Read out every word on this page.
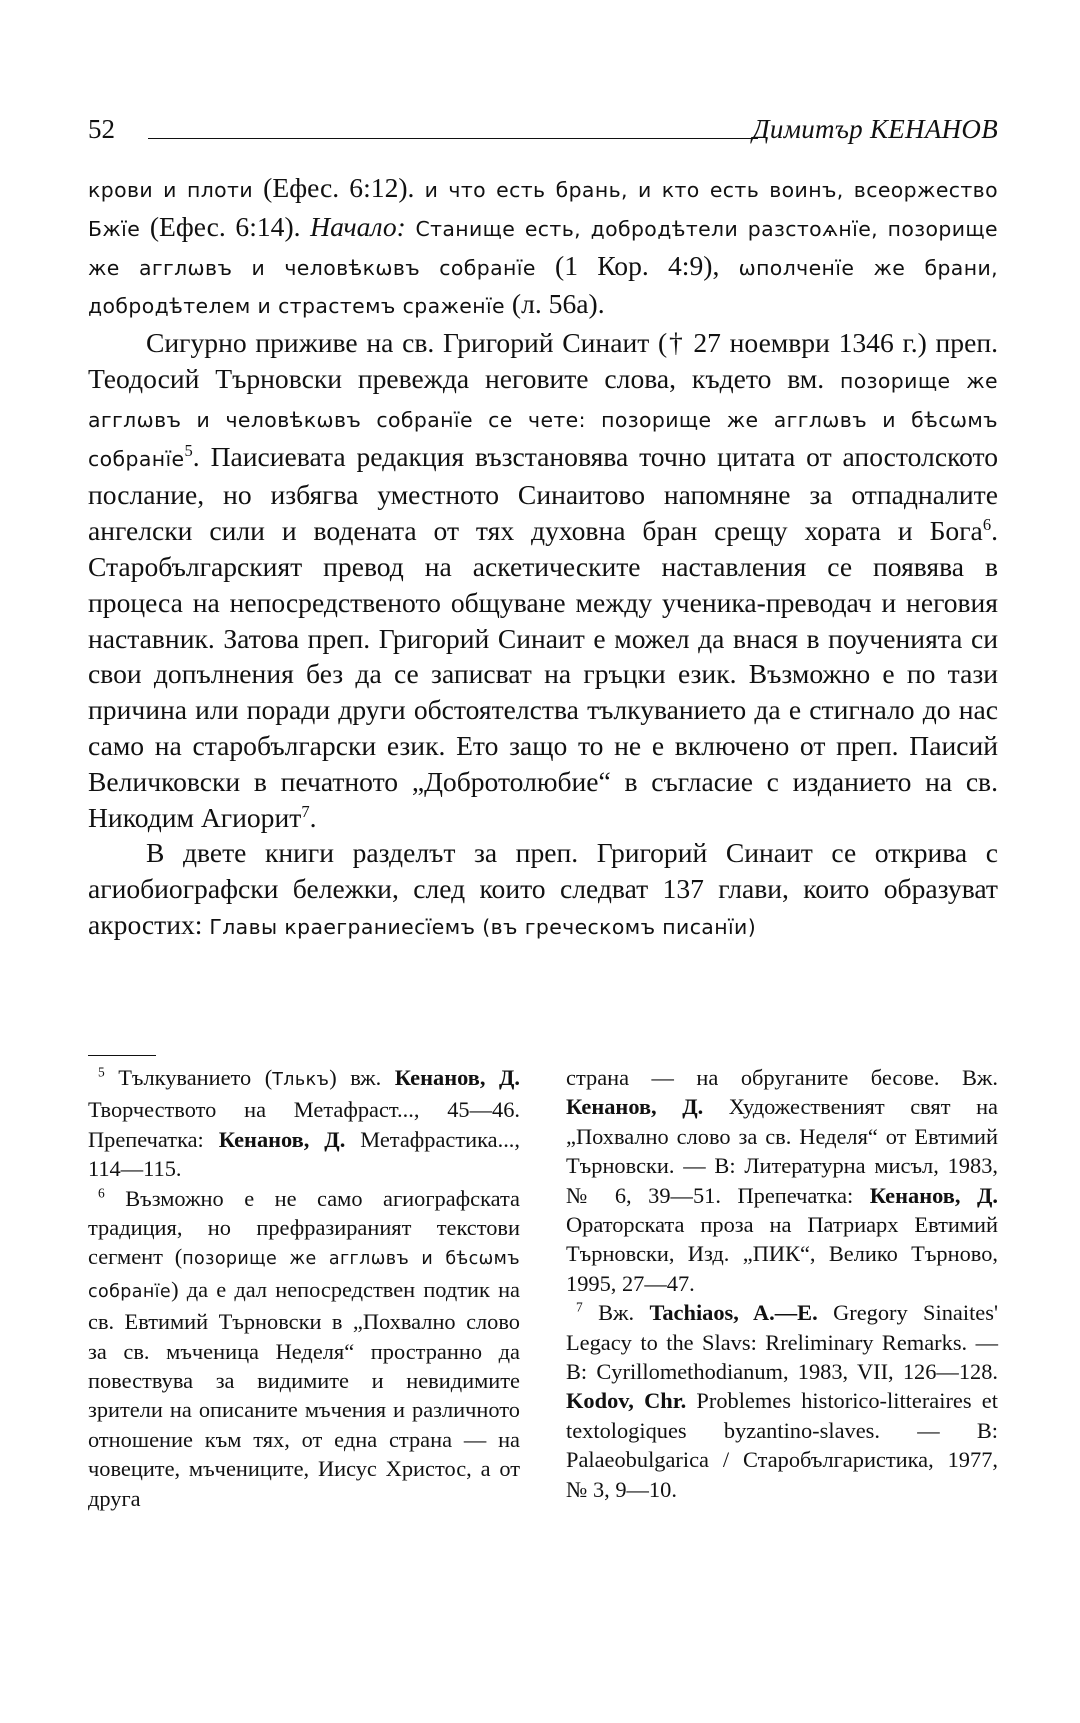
52	Димитър КЕНАНОВ

крови и плоти (Ефес. 6:12). и что есть брань, и кто есть воинъ, всеоржество Бжїе (Ефес. 6:14). Начало: Станище есть, добродѣтели разстоѧнїе, позорище же агглѡвъ и человѣкѡвъ собранїе (1 Кор. 4:9), ѡполченїе же брани, добродѣтелем и страстемъ сраженїе (л. 56а).

Сигурно приживе на св. Григорий Синаит († 27 ноември 1346 г.) преп. Теодосий Търновски превежда неговите слова, където вм. позорище же агглѡвъ и человѣкѡвъ собранїе се чете: позорище же агглѡвъ и бѣсѡмъ собранїе$^5$. Паисиевата редакция възстановява точно цитата от апостолското послание, но избягва уместното Синаитово напомняне за отпадналите ангелски сили и водената от тях духовна бран срещу хората и Бога$^6$. Старобългарският превод на аскетическите наставления се появява в процеса на непосредственото общуване между ученика-преводач и неговия наставник. Затова преп. Григорий Синаит е можел да внася в поученията си свои допълнения без да се записват на гръцки език. Възможно е по тази причина или поради други обстоятелства тълкуванието да е стигнало до нас само на старобългарски език. Ето защо то не е включено от преп. Паисий Величковски в печатното „Добротолюбие“ в съгласие с изданието на св. Никодим Агиорит$^7$.

В двете книги разделът за преп. Григорий Синаит се открива с агиобиографски бележки, след които следват 137 глави, които образуват акростих: Главы краеграниесїемъ (въ греческомъ писанїи)

$^5$ Тълкуванието (Тлькъ) вж. Кенанов, Д. Творчеството на Метафраст..., 45—46. Препечатка: Кенанов, Д. Метафрастика..., 114—115.

$^6$ Възможно е не само агиографската традиция, но префразираният текстови сегмент (позорище же агглѡвъ и бѣсѡмъ собранїе) да е дал непосредствен подтик на св. Евтимий Търновски в „Похвално слово за св. мъченица Неделя“ пространно да повествува за видимите и невидимите зрители на описаните мъчения и различното отношение към тях, от една страна — на човеците, мъчениците, Иисус Христос, а от друга

страна — на обруганите бесове. Вж. Кенанов, Д. Художественият свят на „Похвално слово за св. Неделя“ от Евтимий Търновски. — В: Литературна мисъл, 1983, № 6, 39—51. Препечатка: Кенанов, Д. Ораторската проза на Патриарх Евтимий Търновски, Изд. „ПИК“, Велико Търново, 1995, 27—47.

$^7$ Вж. Tachiaos, A.—E. Gregory Sinaites' Legacy to the Slavs: Rreliminary Remarks. — B: Cyrillomethodianum, 1983, VII, 126—128. Kodov, Chr. Problemes historico-litteraires et textologiques byzantino-slaves. — B: Palaeobulgarica / Старобългаристика, 1977, № 3, 9—10.
